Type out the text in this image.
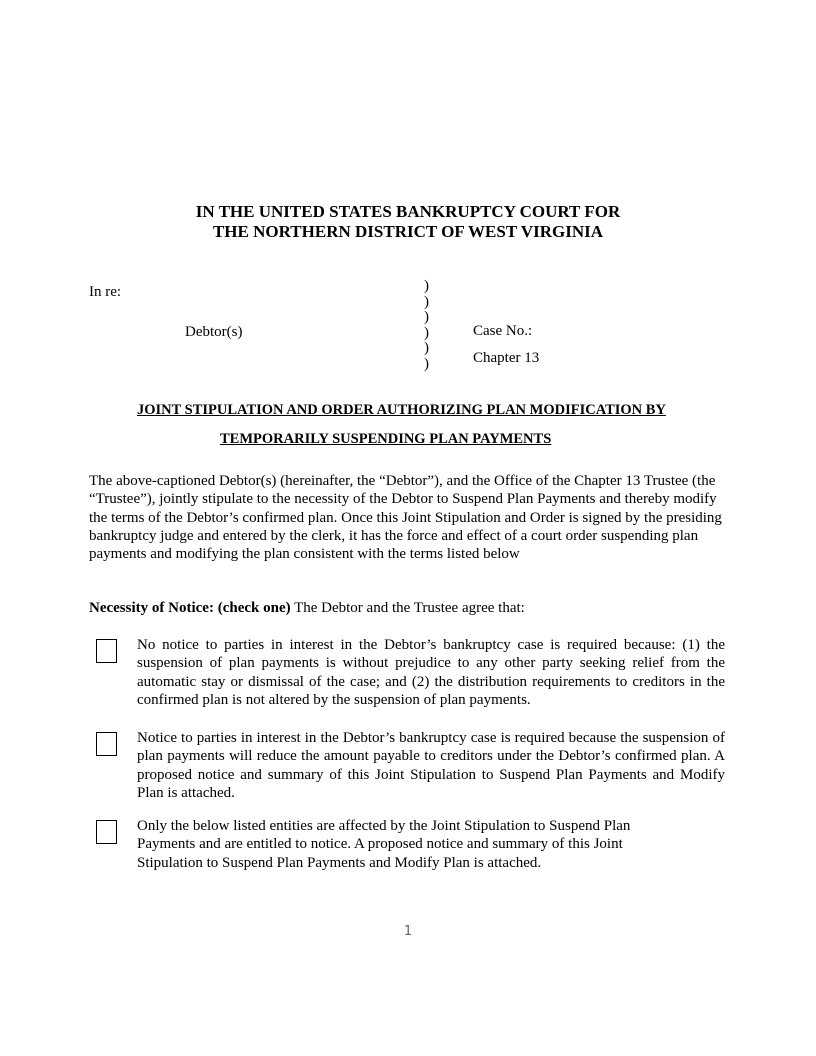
IN THE UNITED STATES BANKRUPTCY COURT FOR
THE NORTHERN DISTRICT OF WEST VIRGINIA
In re:
Debtor(s)
)
)
)
)
)
)
Case No.:
Chapter 13
JOINT STIPULATION AND ORDER AUTHORIZING PLAN MODIFICATION BY
TEMPORARILY SUSPENDING PLAN PAYMENTS
The above-captioned Debtor(s) (hereinafter, the “Debtor”), and the Office of the Chapter 13 Trustee (the “Trustee”), jointly stipulate to the necessity of the Debtor to Suspend Plan Payments and thereby modify the terms of the Debtor’s confirmed plan. Once this Joint Stipulation and Order is signed by the presiding bankruptcy judge and entered by the clerk, it has the force and effect of a court order suspending plan payments and modifying the plan consistent with the terms listed below
Necessity of Notice: (check one) The Debtor and the Trustee agree that:
No notice to parties in interest in the Debtor’s bankruptcy case is required because: (1) the suspension of plan payments is without prejudice to any other party seeking relief from the automatic stay or dismissal of the case; and (2) the distribution requirements to creditors in the confirmed plan is not altered by the suspension of plan payments.
Notice to parties in interest in the Debtor’s bankruptcy case is required because the suspension of plan payments will reduce the amount payable to creditors under the Debtor’s confirmed plan. A proposed notice and summary of this Joint Stipulation to Suspend Plan Payments and Modify Plan is attached.
Only the below listed entities are affected by the Joint Stipulation to Suspend Plan Payments and are entitled to notice. A proposed notice and summary of this Joint Stipulation to Suspend Plan Payments and Modify Plan is attached.
1
